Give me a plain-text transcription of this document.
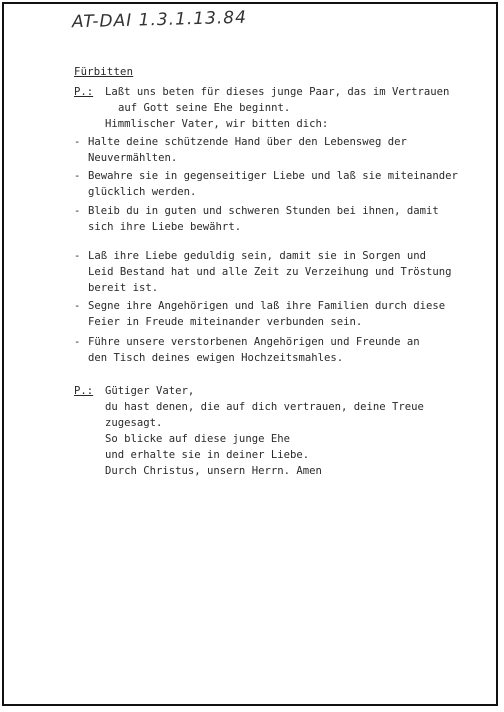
AT-DAI 1.3.1.13.84
Fürbitten
P.: Laßt uns beten für dieses junge Paar, das im Vertrauen
auf Gott seine Ehe beginnt.
Himmlischer Vater, wir bitten dich:
- Halte deine schützende Hand über den Lebensweg der
Neuvermählten.
- Bewahre sie in gegenseitiger Liebe und laß sie miteinander
glücklich werden.
- Bleib du in guten und schweren Stunden bei ihnen, damit
sich ihre Liebe bewährt.
- Laß ihre Liebe geduldig sein, damit sie in Sorgen und
Leid Bestand hat und alle Zeit zu Verzeihung und Tröstung
bereit ist.
- Segne ihre Angehörigen und laß ihre Familien durch diese
Feier in Freude miteinander verbunden sein.
- Führe unsere verstorbenen Angehörigen und Freunde an
den Tisch deines ewigen Hochzeitsmahles.
P.: Gütiger Vater,
du hast denen, die auf dich vertrauen, deine Treue
zugesagt.
So blicke auf diese junge Ehe
und erhalte sie in deiner Liebe.
Durch Christus, unsern Herrn. Amen
